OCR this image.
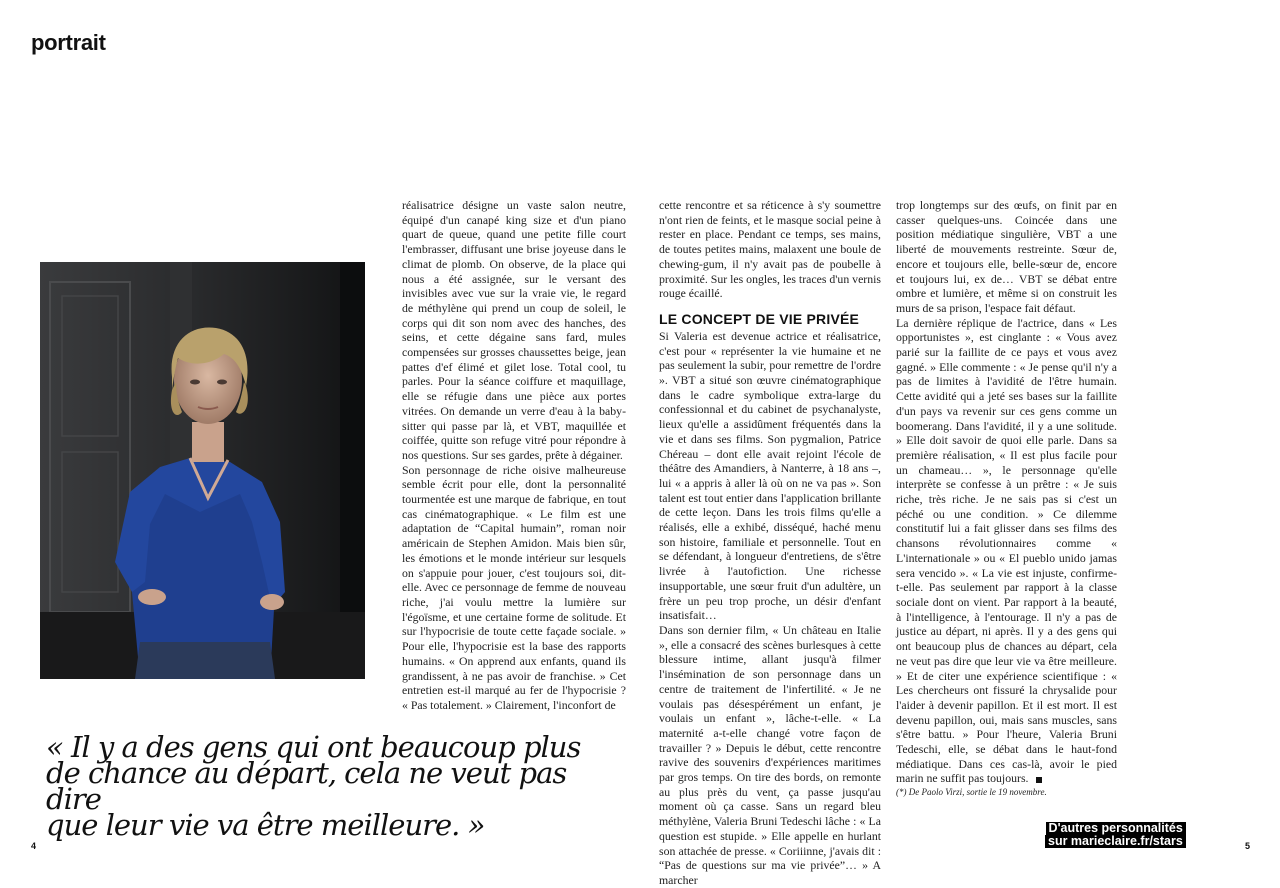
portrait

réalisatrice désigne un vaste salon neutre, équipé d'un canapé king size et d'un piano quart de queue, quand une petite fille court l'embrasser, diffusant une brise joyeuse dans le climat de plomb. On observe, de la place qui nous a été assignée, sur le versant des invisibles avec vue sur la vraie vie, le regard de méthylène qui prend un coup de soleil, le corps qui dit son nom avec des hanches, des seins, et cette dégaine sans fard, mules compensées sur grosses chaussettes beige, jean pattes d'ef élimé et gilet lose. Total cool, tu parles. Pour la séance coiffure et maquillage, elle se réfugie dans une pièce aux portes vitrées. On demande un verre d'eau à la baby-sitter qui passe par là, et VBT, maquillée et coiffée, quitte son refuge vitré pour répondre à nos questions. Sur ses gardes, prête à dégainer.

Son personnage de riche oisive malheureuse semble écrit pour elle, dont la personnalité tourmentée est une marque de fabrique, en tout cas cinématographique. « Le film est une adaptation de “Capital humain”, roman noir américain de Stephen Amidon. Mais bien sûr, les émotions et le monde intérieur sur lesquels on s'appuie pour jouer, c'est toujours soi, dit-elle. Avec ce personnage de femme de nouveau riche, j'ai voulu mettre la lumière sur l'égoïsme, et une certaine forme de solitude. Et sur l'hypocrisie de toute cette façade sociale. » Pour elle, l'hypocrisie est la base des rapports humains. « On apprend aux enfants, quand ils grandissent, à ne pas avoir de franchise. » Cet entretien est-il marqué au fer de l'hypocrisie ? « Pas totalement. » Clairement, l'inconfort de

cette rencontre et sa réticence à s'y soumettre n'ont rien de feints, et le masque social peine à rester en place. Pendant ce temps, ses mains, de toutes petites mains, malaxent une boule de chewing-gum, il n'y avait pas de poubelle à proximité. Sur les ongles, les traces d'un vernis rouge écaillé.

LE CONCEPT DE VIE PRIVÉE

Si Valeria est devenue actrice et réalisatrice, c'est pour « représenter la vie humaine et ne pas seulement la subir, pour remettre de l'ordre ». VBT a situé son œuvre cinématographique dans le cadre symbolique extra-large du confessionnal et du cabinet de psychanalyste, lieux qu'elle a assidûment fréquentés dans la vie et dans ses films. Son pygmalion, Patrice Chéreau – dont elle avait rejoint l'école de théâtre des Amandiers, à Nanterre, à 18 ans –, lui « a appris à aller là où on ne va pas ». Son talent est tout entier dans l'application brillante de cette leçon. Dans les trois films qu'elle a réalisés, elle a exhibé, disséqué, haché menu son histoire, familiale et personnelle. Tout en se défendant, à longueur d'entretiens, de s'être livrée à l'autofiction. Une richesse insupportable, une sœur fruit d'un adultère, un frère un peu trop proche, un désir d'enfant insatisfait…

Dans son dernier film, « Un château en Italie », elle a consacré des scènes burlesques à cette blessure intime, allant jusqu'à filmer l'insémination de son personnage dans un centre de traitement de l'infertilité. « Je ne voulais pas désespérément un enfant, je voulais un enfant », lâche-t-elle. « La maternité a-t-elle changé votre façon de travailler ? » Depuis le début, cette rencontre ravive des souvenirs d'expériences maritimes par gros temps. On tire des bords, on remonte au plus près du vent, ça passe jusqu'au moment où ça casse. Sans un regard bleu méthylène, Valeria Bruni Tedeschi lâche : « La question est stupide. » Elle appelle en hurlant son attachée de presse. « Coriiinne, j'avais dit : “Pas de questions sur ma vie privée”… » A marcher

trop longtemps sur des œufs, on finit par en casser quelques-uns. Coincée dans une position médiatique singulière, VBT a une liberté de mouvements restreinte. Sœur de, encore et toujours elle, belle-sœur de, encore et toujours lui, ex de… VBT se débat entre ombre et lumière, et même si on construit les murs de sa prison, l'espace fait défaut.

La dernière réplique de l'actrice, dans « Les opportunistes », est cinglante : « Vous avez parié sur la faillite de ce pays et vous avez gagné. » Elle commente : « Je pense qu'il n'y a pas de limites à l'avidité de l'être humain. Cette avidité qui a jeté ses bases sur la faillite d'un pays va revenir sur ces gens comme un boomerang. Dans l'avidité, il y a une solitude. » Elle doit savoir de quoi elle parle. Dans sa première réalisation, « Il est plus facile pour un chameau… », le personnage qu'elle interprète se confesse à un prêtre : « Je suis riche, très riche. Je ne sais pas si c'est un péché ou une condition. » Ce dilemme constitutif lui a fait glisser dans ses films des chansons révolutionnaires comme « L'internationale » ou « El pueblo unido jamas sera vencido ». « La vie est injuste, confirme-t-elle. Pas seulement par rapport à la classe sociale dont on vient. Par rapport à la beauté, à l'intelligence, à l'entourage. Il n'y a pas de justice au départ, ni après. Il y a des gens qui ont beaucoup plus de chances au départ, cela ne veut pas dire que leur vie va être meilleure. » Et de citer une expérience scientifique : « Les chercheurs ont fissuré la chrysalide pour l'aider à devenir papillon. Et il est mort. Il est devenu papillon, oui, mais sans muscles, sans s'être battu. » Pour l'heure, Valeria Bruni Tedeschi, elle, se débat dans le haut-fond médiatique. Dans ces cas-là, avoir le pied marin ne suffit pas toujours.

(*) De Paolo Virzi, sortie le 19 novembre.

« Il y a des gens qui ont beaucoup plus
de chance au départ, cela ne veut pas dire
que leur vie va être meilleure. »
4	5
D'autres personnalités
sur marieclaire.fr/stars
